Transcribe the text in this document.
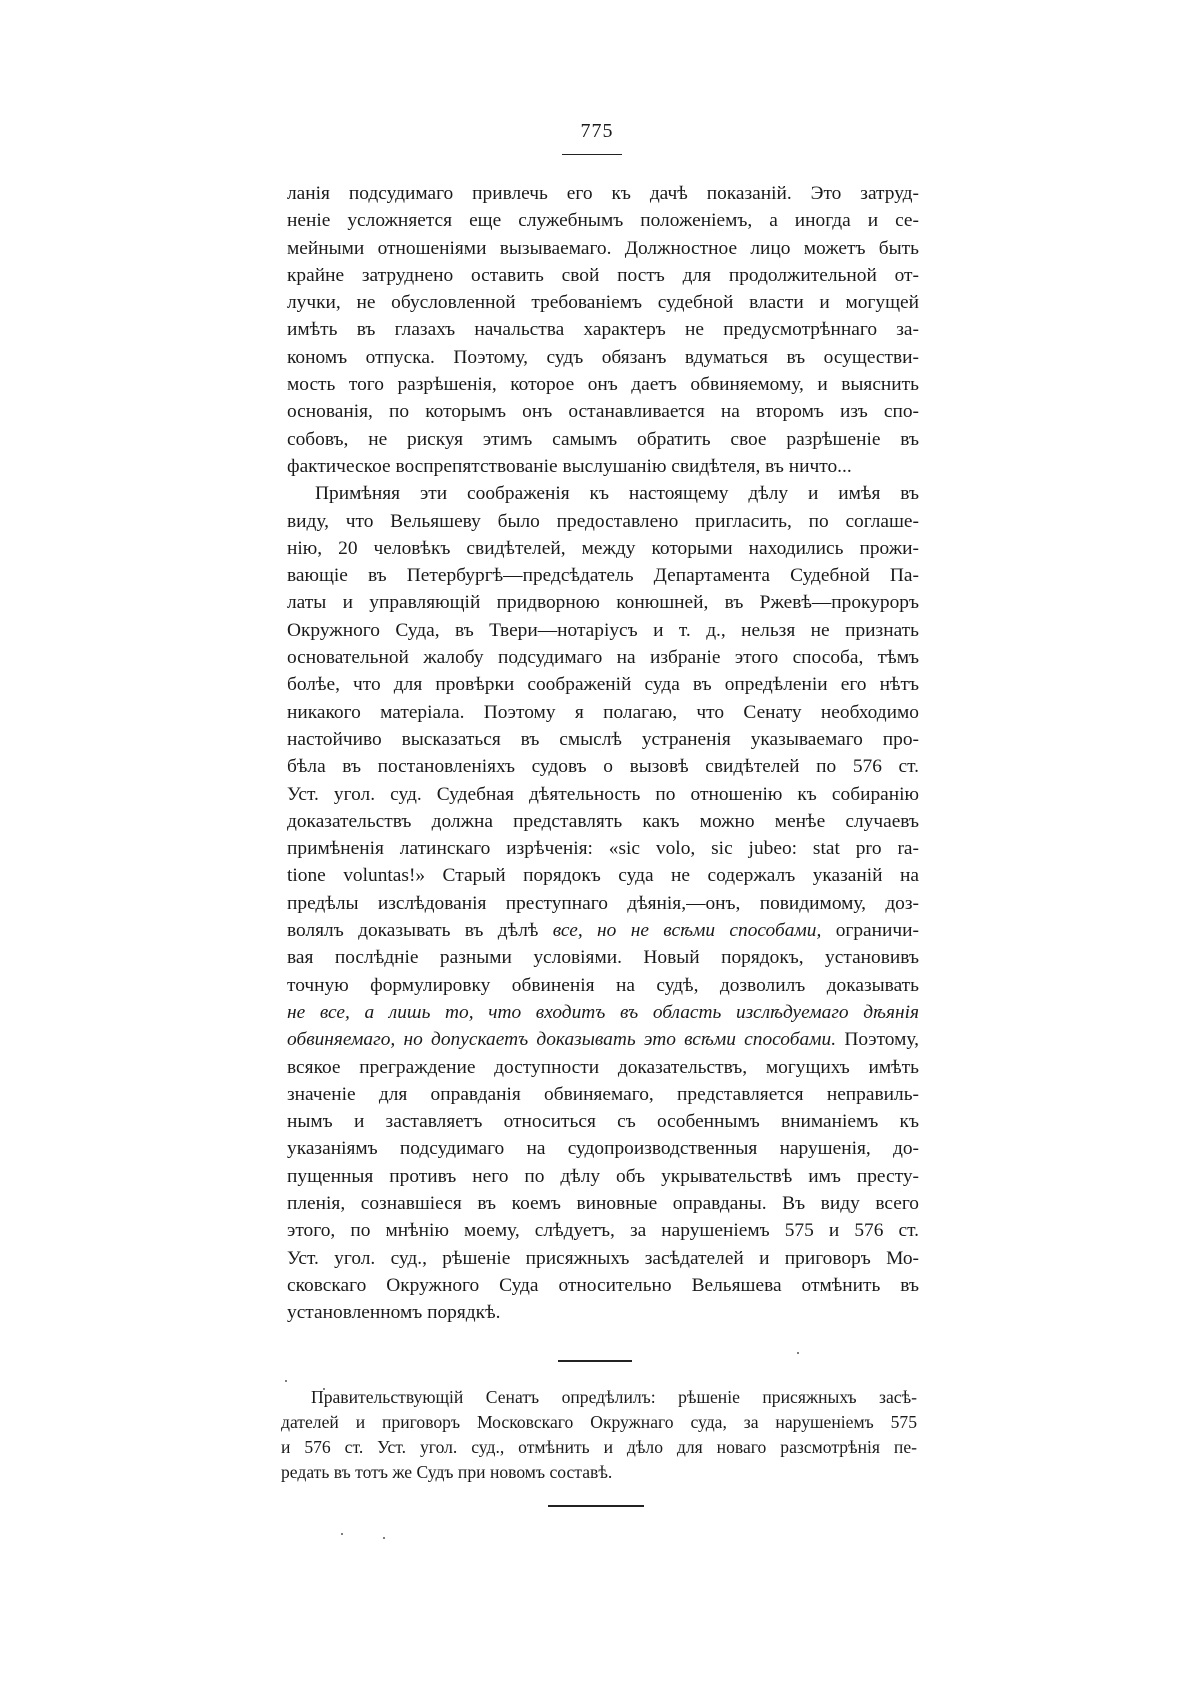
775

ланія подсудимаго привлечь его къ дачѣ показаній. Это затруд-
неніе усложняется еще служебнымъ положеніемъ, а иногда и се-
мейными отношеніями вызываемаго. Должностное лицо можетъ быть
крайне затруднено оставить свой постъ для продолжительной от-
лучки, не обусловленной требованіемъ судебной власти и могущей
имѣть въ глазахъ начальства характеръ не предусмотрѣннаго за-
кономъ отпуска. Поэтому, судъ обязанъ вдуматься въ осуществи-
мость того разрѣшенія, которое онъ даетъ обвиняемому, и выяснить
основанія, по которымъ онъ останавливается на второмъ изъ спо-
собовъ, не рискуя этимъ самымъ обратить свое разрѣшеніе въ
фактическое воспрепятствованіе выслушанію свидѣтеля, въ ничто...

Примѣняя эти соображенія къ настоящему дѣлу и имѣя въ
виду, что Вельяшеву было предоставлено пригласить, по соглаше-
нію, 20 человѣкъ свидѣтелей, между которыми находились прожи-
вающіе въ Петербургѣ—предсѣдатель Департамента Судебной Па-
латы и управляющій придворною конюшней, въ Ржевѣ—прокуроръ
Окружного Суда, въ Твери—нотаріусъ и т. д., нельзя не признать
основательной жалобу подсудимаго на избраніе этого способа, тѣмъ
болѣе, что для провѣрки соображеній суда въ опредѣленіи его нѣтъ
никакого матеріала. Поэтому я полагаю, что Сенату необходимо
настойчиво высказаться въ смыслѣ устраненія указываемаго про-
бѣла въ постановленіяхъ судовъ о вызовѣ свидѣтелей по 576 ст.
Уст. угол. суд. Судебная дѣятельность по отношенію къ собиранію
доказательствъ должна представлять какъ можно менѣе случаевъ
примѣненія латинскаго изрѣченія: «sic volo, sic jubeo: stat pro ra-
tione voluntas!» Старый порядокъ суда не содержалъ указаній на
предѣлы изслѣдованія преступнаго дѣянія,—онъ, повидимому, доз-
волялъ доказывать въ дѣлѣ все, но не всѣми способами, ограничи-
вая послѣдніе разными условіями. Новый порядокъ, установивъ
точную формулировку обвиненія на судѣ, дозволилъ доказывать
не все, а лишь то, что входитъ въ область изслѣдуемаго дѣянія
обвиняемаго, но допускаетъ доказывать это всѣми способами. Поэтому,
всякое преграждение доступности доказательствъ, могущихъ имѣть
значеніе для оправданія обвиняемаго, представляется неправиль-
нымъ и заставляетъ относиться съ особеннымъ вниманіемъ къ
указаніямъ подсудимаго на судопроизводственныя нарушенія, до-
пущенныя противъ него по дѣлу объ укрывательствѣ имъ престу-
пленія, сознавшіеся въ коемъ виновные оправданы. Въ виду всего
этого, по мнѣнію моему, слѣдуетъ, за нарушеніемъ 575 и 576 ст.
Уст. угол. суд., рѣшеніе присяжныхъ засѣдателей и приговоръ Мо-
сковскаго Окружного Суда относительно Вельяшева отмѣнить въ
установленномъ порядкѣ.

Правительствующій Сенатъ опредѣлилъ: рѣшеніе присяжныхъ засѣ-
дателей и приговоръ Московскаго Окружнаго суда, за нарушеніемъ 575
и 576 ст. Уст. угол. суд., отмѣнить и дѣло для новаго разсмотрѣнія пе-
редать въ тотъ же Судъ при новомъ составѣ.
